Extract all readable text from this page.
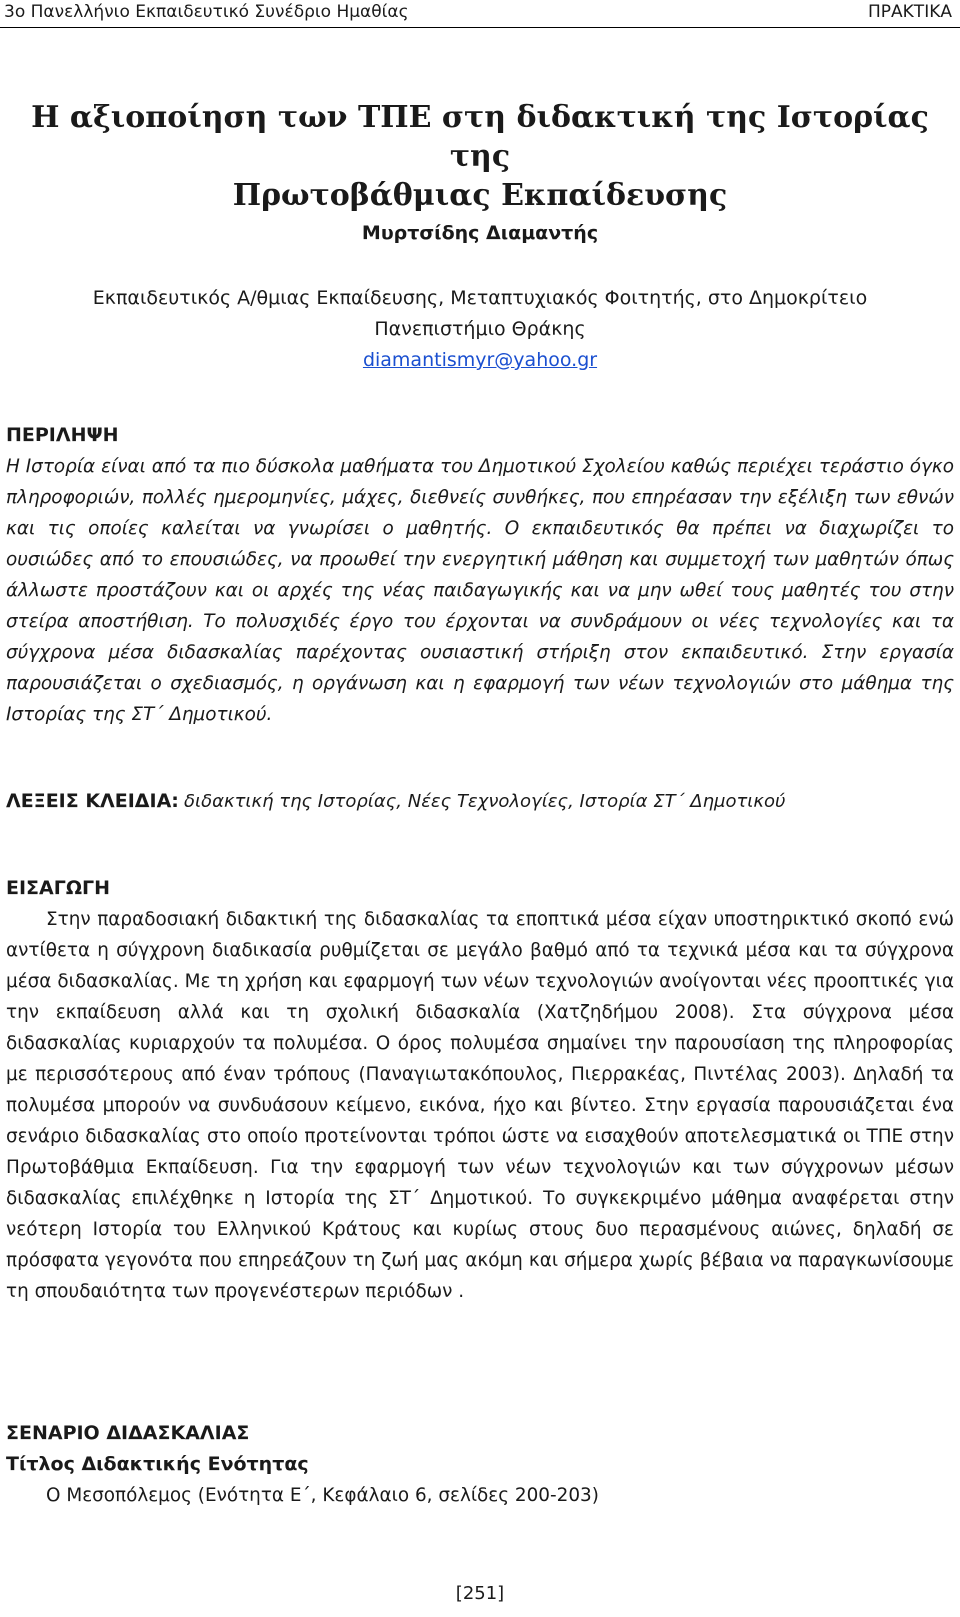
3ο Πανελλήνιο Εκπαιδευτικό Συνέδριο Ημαθίας	ΠΡΑΚΤΙΚΑ
Η αξιοποίηση των ΤΠΕ στη διδακτική της Ιστορίας της
Πρωτοβάθμιας Εκπαίδευσης
Μυρτσίδης Διαμαντής
Εκπαιδευτικός Α/θμιας Εκπαίδευσης, Μεταπτυχιακός Φοιτητής, στο Δημοκρίτειο
Πανεπιστήμιο Θράκης
diamantismyr@yahoo.gr
ΠΕΡΙΛΗΨΗ

Η Ιστορία είναι από τα πιο δύσκολα μαθήματα του Δημοτικού Σχολείου καθώς περιέχει τεράστιο όγκο πληροφοριών, πολλές ημερομηνίες, μάχες, διεθνείς συνθήκες, που επηρέασαν την εξέλιξη των εθνών και τις οποίες καλείται να γνωρίσει ο μαθητής. Ο εκπαιδευτικός θα πρέπει να διαχωρίζει το ουσιώδες από το επουσιώδες, να προωθεί την ενεργητική μάθηση και συμμετοχή των μαθητών όπως άλλωστε προστάζουν και οι αρχές της νέας παιδαγωγικής και να μην ωθεί τους μαθητές του στην στείρα αποστήθιση. Το πολυσχιδές έργο του έρχονται να συνδράμουν οι νέες τεχνολογίες και τα σύγχρονα μέσα διδασκαλίας παρέχοντας ουσιαστική στήριξη στον εκπαιδευτικό. Στην εργασία παρουσιάζεται ο σχεδιασμός, η οργάνωση και η εφαρμογή των νέων τεχνολογιών στο μάθημα της Ιστορίας της ΣΤ΄ Δημοτικού.

ΛΕΞΕΙΣ ΚΛΕΙΔΙΑ: διδακτική της Ιστορίας, Νέες Τεχνολογίες, Ιστορία ΣΤ΄ Δημοτικού
ΕΙΣΑΓΩΓΗ

Στην παραδοσιακή διδακτική της διδασκαλίας τα εποπτικά μέσα είχαν υποστηρικτικό σκοπό ενώ αντίθετα η σύγχρονη διαδικασία ρυθμίζεται σε μεγάλο βαθμό από τα τεχνικά μέσα και τα σύγχρονα μέσα διδασκαλίας. Με τη χρήση και εφαρμογή των νέων τεχνολογιών ανοίγονται νέες προοπτικές για την εκπαίδευση αλλά και τη σχολική διδασκαλία (Χατζηδήμου 2008). Στα σύγχρονα μέσα διδασκαλίας κυριαρχούν τα πολυμέσα. Ο όρος πολυμέσα σημαίνει την παρουσίαση της πληροφορίας με περισσότερους από έναν τρόπους (Παναγιωτακόπουλος, Πιερρακέας, Πιντέλας 2003). Δηλαδή τα πολυμέσα μπορούν να συνδυάσουν κείμενο, εικόνα, ήχο και βίντεο. Στην εργασία παρουσιάζεται ένα σενάριο διδασκαλίας στο οποίο προτείνονται τρόποι ώστε να εισαχθούν αποτελεσματικά οι ΤΠΕ στην Πρωτοβάθμια Εκπαίδευση. Για την εφαρμογή των νέων τεχνολογιών και των σύγχρονων μέσων διδασκαλίας επιλέχθηκε η Ιστορία της ΣΤ΄ Δημοτικού. Το συγκεκριμένο μάθημα αναφέρεται στην νεότερη Ιστορία του Ελληνικού Κράτους και κυρίως στους δυο περασμένους αιώνες, δηλαδή σε πρόσφατα γεγονότα που επηρεάζουν τη ζωή μας ακόμη και σήμερα χωρίς βέβαια να παραγκωνίσουμε τη σπουδαιότητα των προγενέστερων περιόδων .

ΣΕΝΑΡΙΟ ΔΙΔΑΣΚΑΛΙΑΣ
Τίτλος Διδακτικής Ενότητας

Ο Μεσοπόλεμος (Ενότητα Ε΄, Κεφάλαιο 6, σελίδες 200-203)

[251]
